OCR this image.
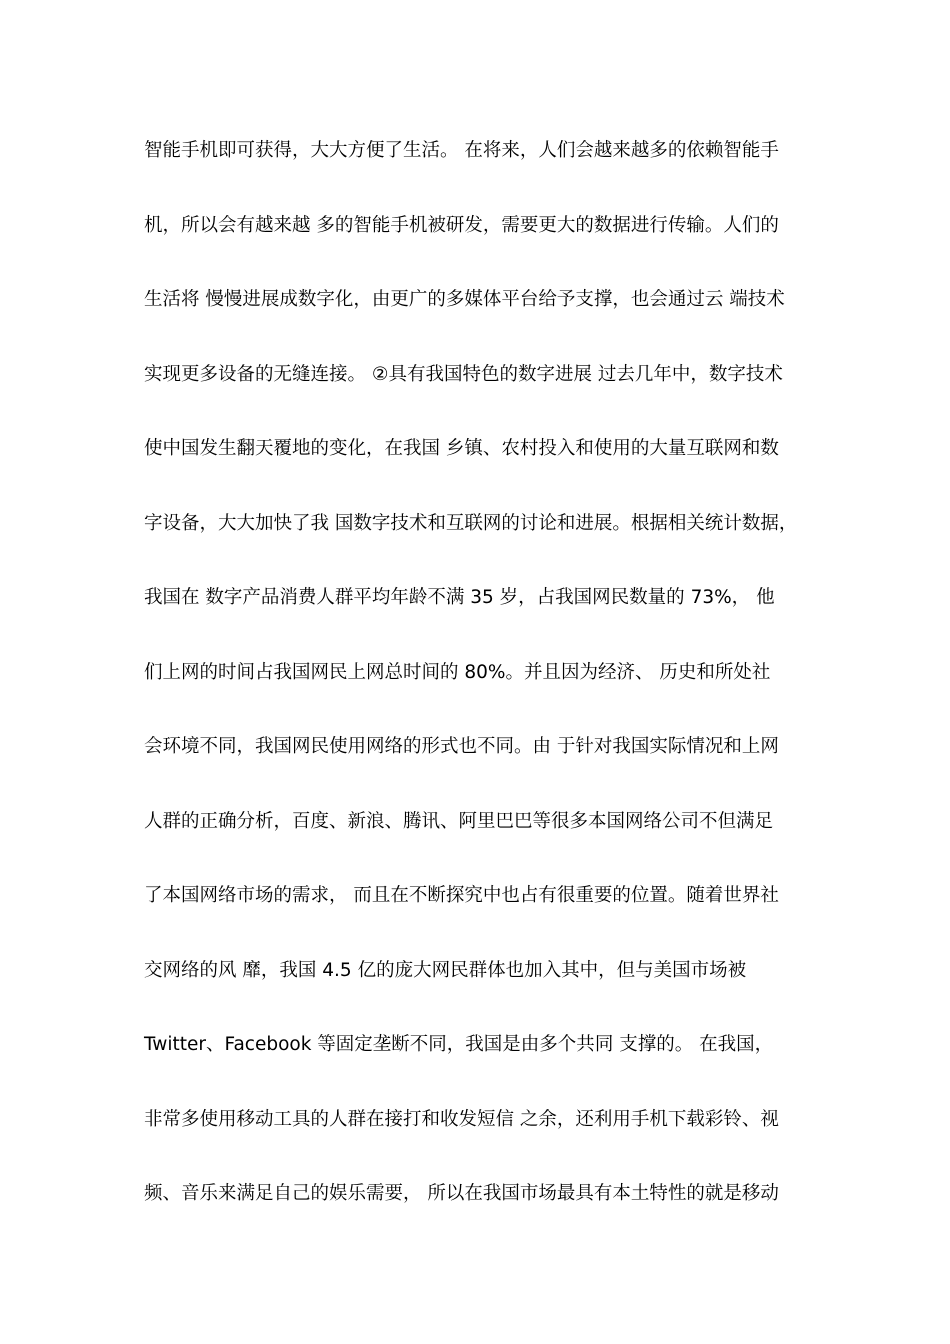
智能手机即可获得，大大方便了生活。 在将来，人们会越来越多的依赖智能手
机，所以会有越来越 多的智能手机被研发，需要更大的数据进行传输。人们的
生活将 慢慢进展成数字化，由更广的多媒体平台给予支撑，也会通过云 端技术
实现更多设备的无缝连接。 ②具有我国特色的数字进展 过去几年中，数字技术
使中国发生翻天覆地的变化，在我国 乡镇、农村投入和使用的大量互联网和数
字设备，大大加快了我 国数字技术和互联网的讨论和进展。根据相关统计数据，
我国在 数字产品消费人群平均年龄不满 35 岁，占我国网民数量的 73%， 他
们上网的时间占我国网民上网总时间的 80%。并且因为经济、 历史和所处社
会环境不同，我国网民使用网络的形式也不同。由 于针对我国实际情况和上网
人群的正确分析，百度、新浪、腾讯、阿里巴巴等很多本国网络公司不但满足
了本国网络市场的需求， 而且在不断探究中也占有很重要的位置。随着世界社
交网络的风 靡，我国 4.5 亿的庞大网民群体也加入其中，但与美国市场被
Twitter、Facebook 等固定垄断不同，我国是由多个共同 支撑的。 在我国，
非常多使用移动工具的人群在接打和收发短信 之余，还利用手机下载彩铃、视
频、音乐来满足自己的娱乐需要， 所以在我国市场最具有本土特性的就是移动
